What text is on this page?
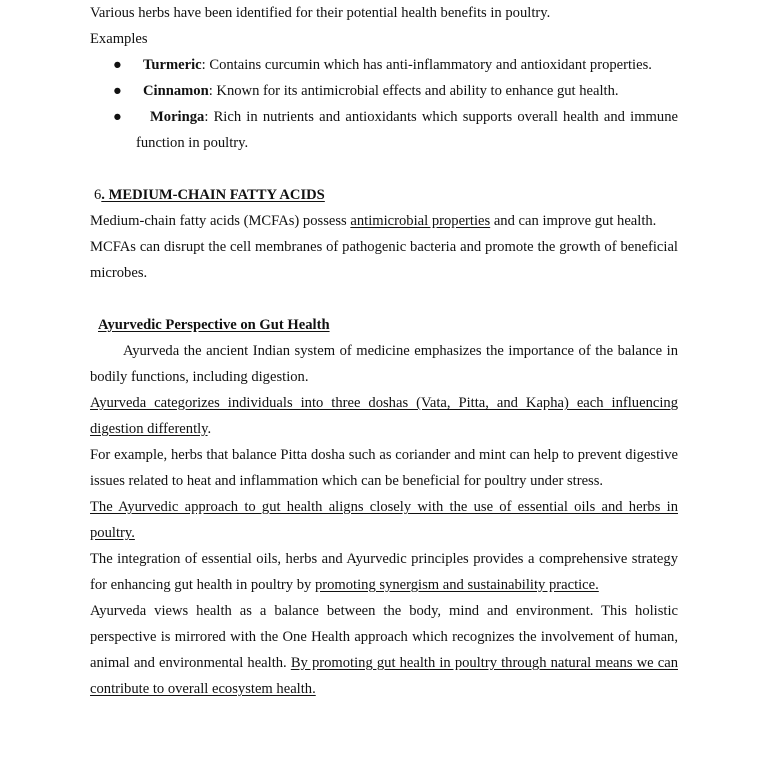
Various herbs have been identified for their potential health benefits in poultry.

Examples

● Turmeric: Contains curcumin which has anti-inflammatory and antioxidant properties.
● Cinnamon: Known for its antimicrobial effects and ability to enhance gut health.
●	Moringa: Rich in nutrients and antioxidants which supports overall health and immune
function in poultry.

6. MEDIUM-CHAIN FATTY ACIDS

Medium-chain fatty acids (MCFAs) possess antimicrobial properties and can improve gut health.

MCFAs can disrupt the cell membranes of pathogenic bacteria and promote the growth of beneficial microbes.

Ayurvedic Perspective on Gut Health

Ayurveda the ancient Indian system of medicine emphasizes the importance of the balance in bodily functions, including digestion.

Ayurveda categorizes individuals into three doshas (Vata, Pitta, and Kapha) each influencing digestion differently.

For example, herbs that balance Pitta dosha such as coriander and mint can help to prevent digestive issues related to heat and inflammation which can be beneficial for poultry under stress.

The Ayurvedic approach to gut health aligns closely with the use of essential oils and herbs in poultry.

The integration of essential oils, herbs and Ayurvedic principles provides a comprehensive strategy for enhancing gut health in poultry by promoting synergism and sustainability practice.

Ayurveda views health as a balance between the body, mind and environment. This holistic perspective is mirrored with the One Health approach which recognizes the involvement of human, animal and environmental health. By promoting gut health in poultry through natural means we can contribute to overall ecosystem health.
